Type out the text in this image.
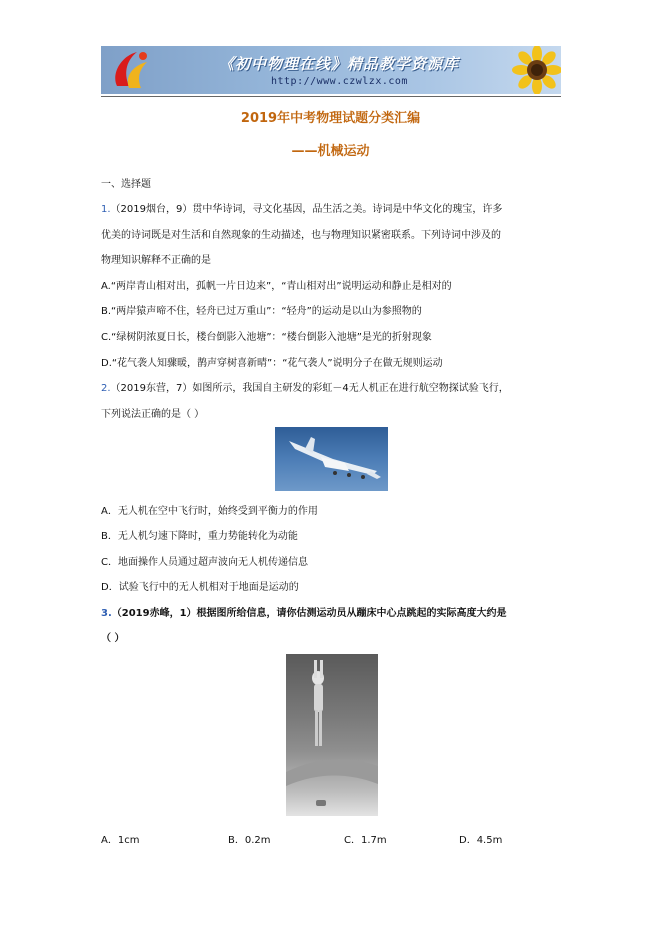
《初中物理在线》精品教学资源库
http://www.czwlzx.com
2019年中考物理试题分类汇编
——机械运动
一、选择题
1.（2019烟台，9）贯中华诗词，寻文化基因，品生活之美。诗词是中华文化的瑰宝，许多
优美的诗词既是对生活和自然现象的生动描述，也与物理知识紧密联系。下列诗词中涉及的
物理知识解释不正确的是
A.“两岸青山相对出，孤帆一片日边来”，“青山相对出”说明运动和静止是相对的
B.“两岸猿声啼不住，轻舟已过万重山”：“轻舟”的运动是以山为参照物的
C.“绿树阴浓夏日长，楼台倒影入池塘”：“楼台倒影入池塘”是光的折射现象
D.“花气袭人知骤暖，鹊声穿树喜新晴”：“花气袭人”说明分子在做无规则运动
2.（2019东营，7）如图所示，我国自主研发的彩虹－4无人机正在进行航空物探试验飞行，
下列说法正确的是（ ）
A．无人机在空中飞行时，始终受到平衡力的作用
B．无人机匀速下降时，重力势能转化为动能
C．地面操作人员通过超声波向无人机传递信息
D．试验飞行中的无人机相对于地面是运动的
3.（2019赤峰，1）根据图所给信息，请你估测运动员从蹦床中心点跳起的实际高度大约是
（ ）
A．1cm	B．0.2m	C．1.7m	D．4.5m
